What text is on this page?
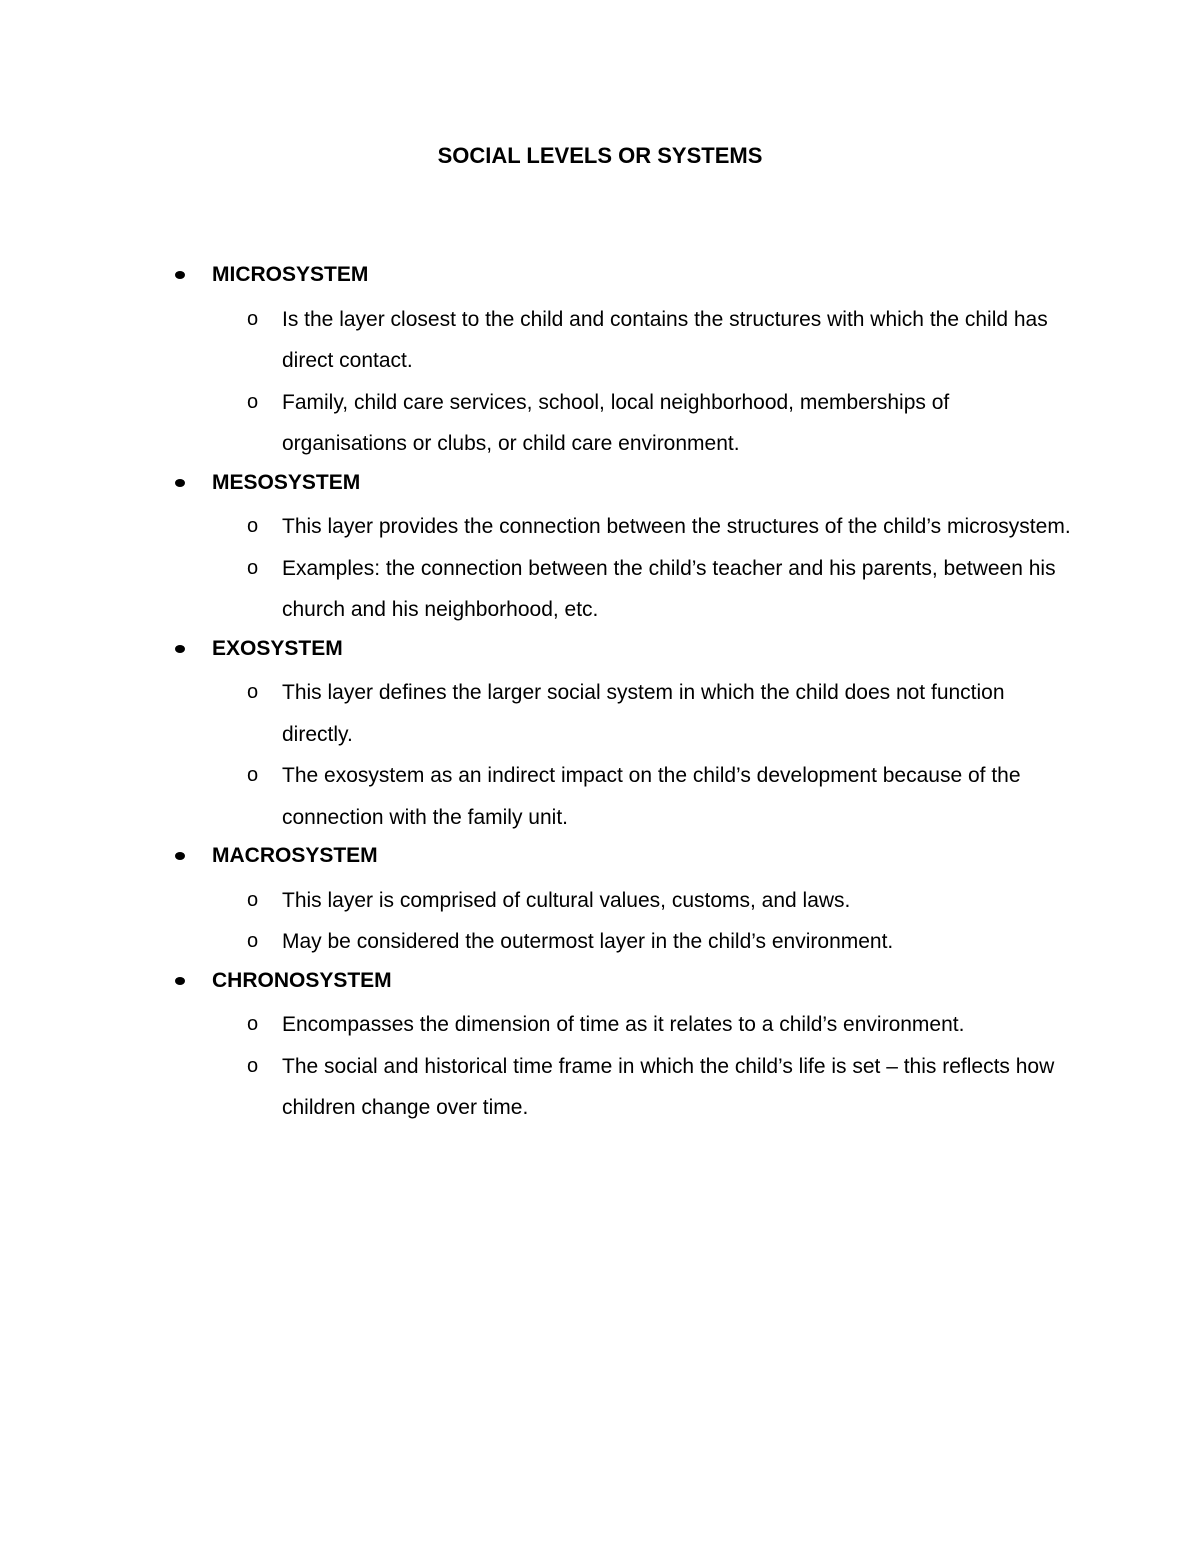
SOCIAL LEVELS OR SYSTEMS
MICROSYSTEM
o Is the layer closest to the child and contains the structures with which the child has direct contact.
o Family, child care services, school, local neighborhood, memberships of organisations or clubs, or child care environment.
MESOSYSTEM
o This layer provides the connection between the structures of the child’s microsystem.
o Examples: the connection between the child’s teacher and his parents, between his church and his neighborhood, etc.
EXOSYSTEM
o This layer defines the larger social system in which the child does not function directly.
o The exosystem as an indirect impact on the child’s development because of the connection with the family unit.
MACROSYSTEM
o This layer is comprised of cultural values, customs, and laws.
o May be considered the outermost layer in the child’s environment.
CHRONOSYSTEM
o Encompasses the dimension of time as it relates to a child’s environment.
o The social and historical time frame in which the child’s life is set – this reflects how children change over time.
